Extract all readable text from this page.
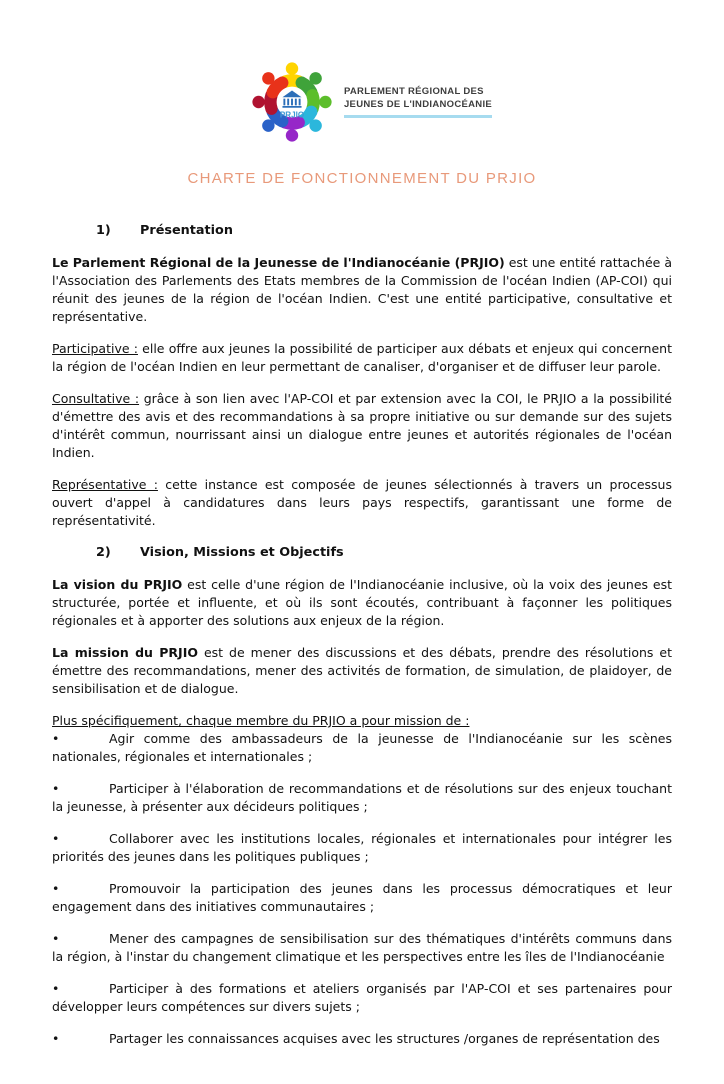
PRJIO
PARLEMENT RÉGIONAL DES
JEUNES DE L'INDIANOCÉANIE
CHARTE DE FONCTIONNEMENT DU PRJIO

1) Présentation

Le Parlement Régional de la Jeunesse de l'Indianocéanie (PRJIO) est une entité rattachée à l'Association des Parlements des Etats membres de la Commission de l'océan Indien (AP-COI) qui réunit des jeunes de la région de l'océan Indien. C'est une entité participative, consultative et représentative.

Participative : elle offre aux jeunes la possibilité de participer aux débats et enjeux qui concernent la région de l'océan Indien en leur permettant de canaliser, d'organiser et de diffuser leur parole.

Consultative : grâce à son lien avec l'AP-COI et par extension avec la COI, le PRJIO a la possibilité d'émettre des avis et des recommandations à sa propre initiative ou sur demande sur des sujets d'intérêt commun, nourrissant ainsi un dialogue entre jeunes et autorités régionales de l'océan Indien.

Représentative : cette instance est composée de jeunes sélectionnés à travers un processus ouvert d'appel à candidatures dans leurs pays respectifs, garantissant une forme de représentativité.

2) Vision, Missions et Objectifs

La vision du PRJIO est celle d'une région de l'Indianocéanie inclusive, où la voix des jeunes est structurée, portée et influente, et où ils sont écoutés, contribuant à façonner les politiques régionales et à apporter des solutions aux enjeux de la région.

La mission du PRJIO est de mener des discussions et des débats, prendre des résolutions et émettre des recommandations, mener des activités de formation, de simulation, de plaidoyer, de sensibilisation et de dialogue.

Plus spécifiquement, chaque membre du PRJIO a pour mission de :

•	Agir comme des ambassadeurs de la jeunesse de l'Indianocéanie sur les scènes nationales, régionales et internationales ;

•	Participer à l'élaboration de recommandations et de résolutions sur des enjeux touchant la jeunesse, à présenter aux décideurs politiques ;

•	Collaborer avec les institutions locales, régionales et internationales pour intégrer les priorités des jeunes dans les politiques publiques ;

•	Promouvoir la participation des jeunes dans les processus démocratiques et leur engagement dans des initiatives communautaires ;

•	Mener des campagnes de sensibilisation sur des thématiques d'intérêts communs dans la région, à l'instar du changement climatique et les perspectives entre les îles de l'Indianocéanie

•	Participer à des formations et ateliers organisés par l'AP-COI et ses partenaires pour développer leurs compétences sur divers sujets ;

•	Partager les connaissances acquises avec les structures /organes de représentation des
